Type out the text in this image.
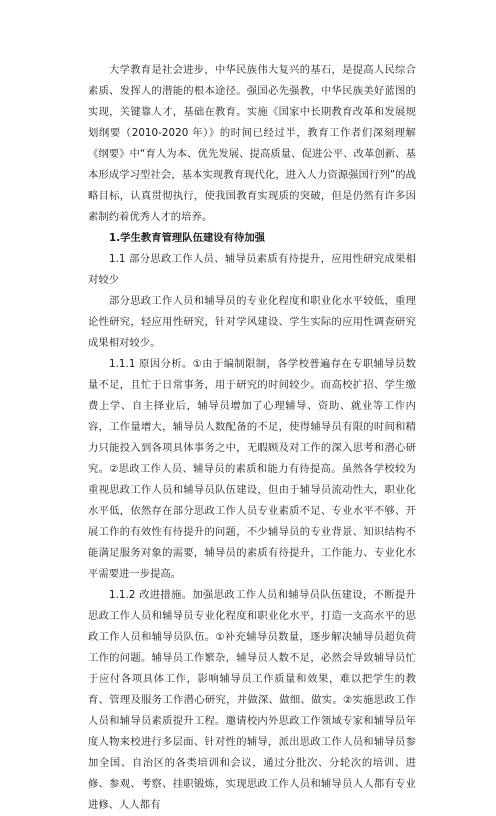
大学教育是社会进步，中华民族伟大复兴的基石，是提高人民综合素质、发挥人的潜能的根本途径。强国必先强教，中华民族美好蓝图的实现，关键靠人才，基础在教育。实施《国家中长期教育改革和发展规划纲要（2010-2020 年）》的时间已经过半，教育工作者们深刻理解《纲要》中“育人为本、优先发展、提高质量、促进公平、改革创新、基本形成学习型社会，基本实现教育现代化，进入人力资源强国行列”的战略目标，认真贯彻执行，使我国教育实现质的突破，但是仍然有许多因素制约着优秀人才的培养。

1.学生教育管理队伍建设有待加强

1.1 部分思政工作人员、辅导员素质有待提升，应用性研究成果相对较少

部分思政工作人员和辅导员的专业化程度和职业化水平较低，重理论性研究，轻应用性研究，针对学风建设、学生实际的应用性调查研究成果相对较少。

1.1.1 原因分析。①由于编制限制，各学校普遍存在专职辅导员数量不足，且忙于日常事务，用于研究的时间较少。而高校扩招、学生缴费上学、自主择业后，辅导员增加了心理辅导、资助、就业等工作内容，工作量增大，辅导员人数配备的不足，使得辅导员有限的时间和精力只能投入到各项具体事务之中，无暇顾及对工作的深入思考和潜心研究。②思政工作人员、辅导员的素质和能力有待提高。虽然各学校较为重视思政工作人员和辅导员队伍建设，但由于辅导员流动性大，职业化水平低，依然存在部分思政工作人员专业素质不足、专业水平不够、开展工作的有效性有待提升的问题，不少辅导员的专业背景、知识结构不能满足服务对象的需要，辅导员的素质有待提升，工作能力、专业化水平需要进一步提高。

1.1.2 改进措施。加强思政工作人员和辅导员队伍建设，不断提升思政工作人员和辅导员专业化程度和职业化水平，打造一支高水平的思政工作人员和辅导员队伍。①补充辅导员数量，逐步解决辅导员超负荷工作的问题。辅导员工作繁杂，辅导员人数不足，必然会导致辅导员忙于应付各项具体工作，影响辅导员工作质量和效果，难以把学生的教育、管理及服务工作潜心研究，并做深、做细、做实。②实施思政工作人员和辅导员素质提升工程。邀请校内外思政工作领域专家和辅导员年度人物来校进行多层面、针对性的辅导，派出思政工作人员和辅导员参加全国、自治区的各类培训和会议，通过分批次、分轮次的培训、进修、参观、考察、挂职锻炼，实现思政工作人员和辅导员人人都有专业进修、人人都有
